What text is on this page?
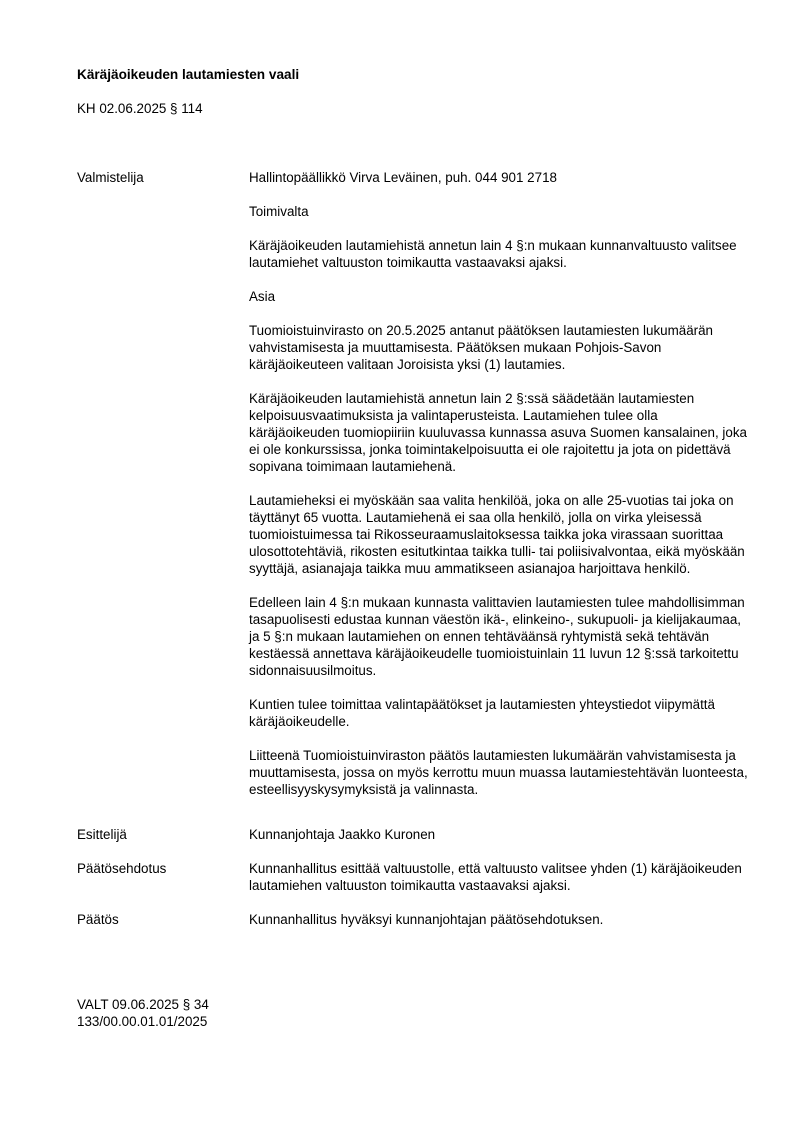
Käräjäoikeuden lautamiesten vaali
KH 02.06.2025 § 114
Valmistelija	Hallintopäällikkö Virva Leväinen, puh. 044 901 2718

Toimivalta

Käräjäoikeuden lautamiehistä annetun lain 4 §:n mukaan kunnanvaltuusto valitsee lautamiehet valtuuston toimikautta vastaavaksi ajaksi.

Asia

Tuomioistuinvirasto on 20.5.2025 antanut päätöksen lautamiesten lukumäärän vahvistamisesta ja muuttamisesta. Päätöksen mukaan Pohjois-Savon käräjäoikeuteen valitaan Joroisista yksi (1) lautamies.

Käräjäoikeuden lautamiehistä annetun lain 2 §:ssä säädetään lautamiesten kelpoisuusvaatimuksista ja valintaperusteista. Lautamiehen tulee olla käräjäoikeuden tuomiopiiriin kuuluvassa kunnassa asuva Suomen kansalainen, joka ei ole konkurssissa, jonka toimintakelpoisuutta ei ole rajoitettu ja jota on pidettävä sopivana toimimaan lautamiehenä.

Lautamieheksi ei myöskään saa valita henkilöä, joka on alle 25-vuotias tai joka on täyttänyt 65 vuotta. Lautamiehenä ei saa olla henkilö, jolla on virka yleisessä tuomioistuimessa tai Rikosseuraamuslaitoksessa taikka joka virassaan suorittaa ulosottotehtäviä, rikosten esitutkintaa taikka tulli- tai poliisivalvontaa, eikä myöskään syyttäjä, asianajaja taikka muu ammatikseen asianajoa harjoittava henkilö.

Edelleen lain 4 §:n mukaan kunnasta valittavien lautamiesten tulee mahdollisimman tasapuolisesti edustaa kunnan väestön ikä-, elinkeino-, sukupuoli- ja kielijakaumaa, ja 5 §:n mukaan lautamiehen on ennen tehtäväänsä ryhtymistä sekä tehtävän kestäessä annettava käräjäoikeudelle tuomioistuinlain 11 luvun 12 §:ssä tarkoitettu sidonnaisuusilmoitus.

Kuntien tulee toimittaa valintapäätökset ja lautamiesten yhteystiedot viipymättä käräjäoikeudelle.

Liitteenä Tuomioistuinviraston päätös lautamiesten lukumäärän vahvistamisesta ja muuttamisesta, jossa on myös kerrottu muun muassa lautamiestehtävän luonteesta, esteellisyyskysymyksistä ja valinnasta.

Esittelijä	Kunnanjohtaja Jaakko Kuronen
Päätösehdotus	Kunnanhallitus esittää valtuustolle, että valtuusto valitsee yhden (1) käräjäoikeuden lautamiehen valtuuston toimikautta vastaavaksi ajaksi.
Päätös	Kunnanhallitus hyväksyi kunnanjohtajan päätösehdotuksen.
VALT 09.06.2025 § 34
133/00.00.01.01/2025
